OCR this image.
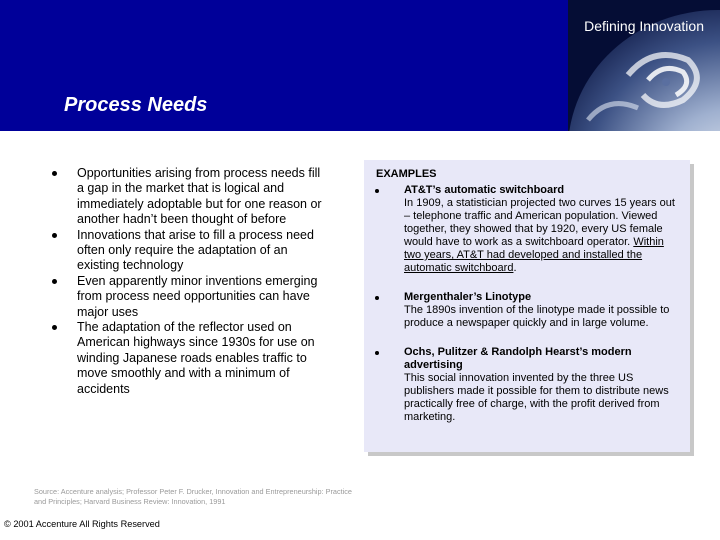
Defining Innovation
Process Needs
Opportunities arising from process needs fill a gap in the market that is logical and immediately adoptable but for one reason or another hadn’t been thought of before
Innovations that arise to fill a process need often only require the adaptation of an existing technology
Even apparently minor inventions emerging from process need opportunities can have major uses
The adaptation of the reflector used on American highways since 1930s for use on winding Japanese roads enables traffic to move smoothly and with a minimum of accidents
EXAMPLES
AT&T’s automatic switchboard
In 1909, a statistician projected two curves 15 years out – telephone traffic and American population. Viewed together, they showed that by 1920, every US female would have to work as a switchboard operator. Within two years, AT&T had developed and installed the automatic switchboard.
Mergenthaler’s Linotype
The 1890s invention of the linotype made it possible to produce a newspaper quickly and in large volume.
Ochs, Pulitzer & Randolph Hearst’s modern advertising
This social innovation invented by the three US publishers made it possible for them to distribute news practically free of charge, with the profit derived from marketing.
Source: Accenture analysis; Professor Peter F. Drucker, Innovation and Entrepreneurship: Practice and Principles; Harvard Business Review: Innovation, 1991
© 2001 Accenture All Rights Reserved
